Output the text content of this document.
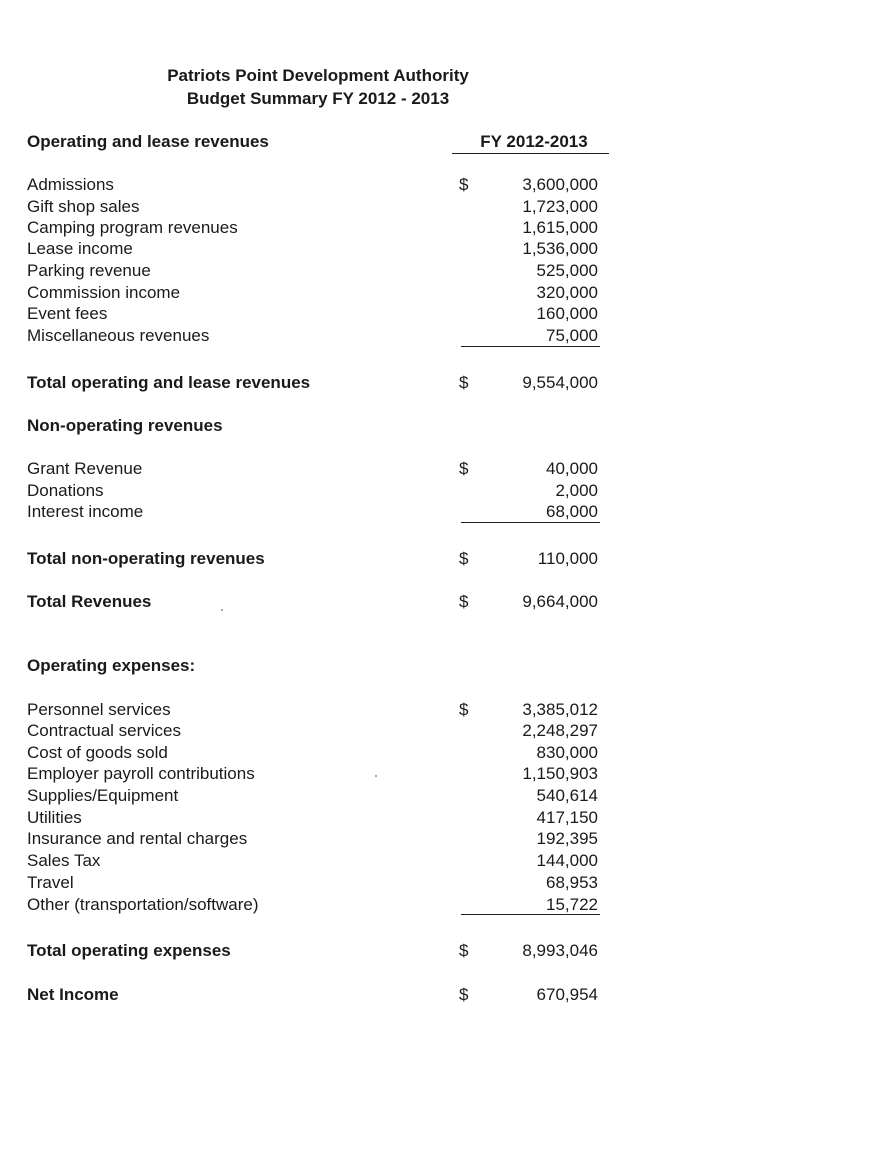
Patriots Point Development Authority
Budget Summary FY 2012 - 2013
Operating and lease revenues	FY 2012-2013
Admissions	$	3,600,000
Gift shop sales	1,723,000
Camping program revenues	1,615,000
Lease income	1,536,000
Parking revenue	525,000
Commission income	320,000
Event fees	160,000
Miscellaneous revenues	75,000
Total operating and lease revenues	$	9,554,000
Non-operating revenues
Grant Revenue	$	40,000
Donations	2,000
Interest income	68,000
Total non-operating revenues	$	110,000
Total Revenues	$	9,664,000
Operating expenses:
Personnel services	$	3,385,012
Contractual services	2,248,297
Cost of goods sold	830,000
Employer payroll contributions	1,150,903
Supplies/Equipment	540,614
Utilities	417,150
Insurance and rental charges	192,395
Sales Tax	144,000
Travel	68,953
Other (transportation/software)	15,722
Total operating expenses	$	8,993,046
Net Income	$	670,954
